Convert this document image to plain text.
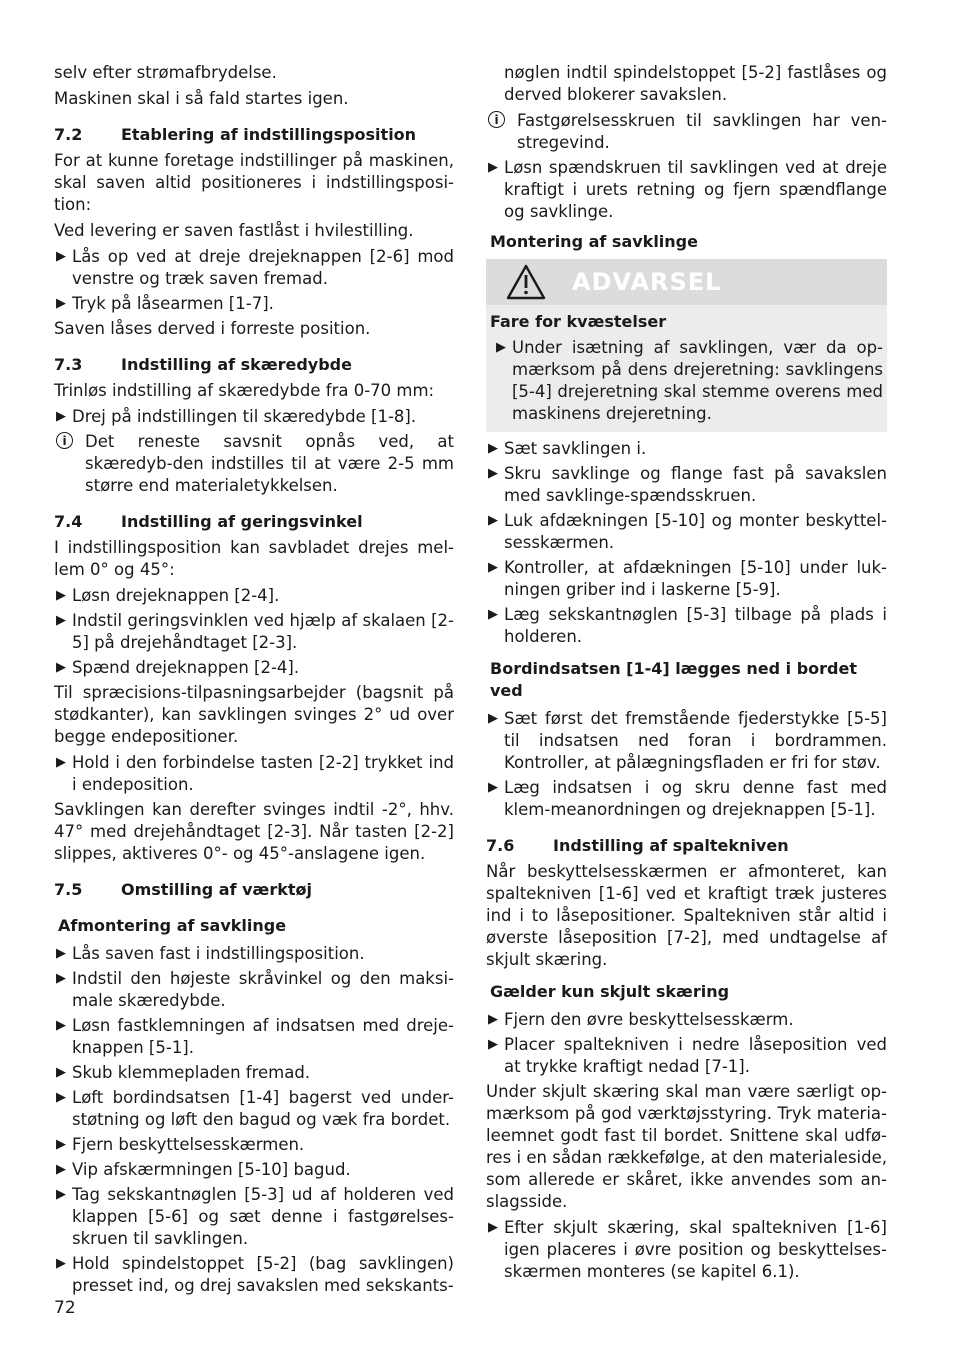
selv efter strømafbrydelse.

Maskinen skal i så fald startes igen.

7.2	Etablering af indstillingsposition

For at kunne foretage indstillinger på maskinen, skal saven altid positioneres i indstillingsposi-tion:

Ved levering er saven fastlåst i hvilestilling.

▶ Lås op ved at dreje drejeknappen [2-6] mod venstre og træk saven fremad.
▶ Tryk på låsearmen [1-7].

Saven låses derved i forreste position.

7.3	Indstilling af skæredybde

Trinløs indstilling af skæredybde fra 0-70 mm:

▶ Drej på indstillingen til skæredybde [1-8].
i	Det reneste savsnit opnås ved, at skæredyb-den indstilles til at være 2-5 mm større end materialetykkelsen.
7.4	Indstilling af geringsvinkel

I indstillingsposition kan savbladet drejes mel-lem 0° og 45°:

▶ Løsn drejeknappen [2-4].
▶ Indstil geringsvinklen ved hjælp af skalaen [2-5] på drejehåndtaget [2-3].
▶ Spænd drejeknappen [2-4].

Til spræcisions-tilpasningsarbejder (bagsnit på stødkanter), kan savklingen svinges 2° ud over begge endepositioner.

▶ Hold i den forbindelse tasten [2-2] trykket ind i endeposition.

Savklingen kan derefter svinges indtil -2°, hhv. 47° med drejehåndtaget [2-3]. Når tasten [2-2] slippes, aktiveres 0°- og 45°-anslagene igen.

7.5	Omstilling af værktøj
Afmontering af savklinge
▶ Lås saven fast i indstillingsposition.
▶ Indstil den højeste skråvinkel og den maksi-male skæredybde.
▶ Løsn fastklemningen af indsatsen med dreje-knappen [5-1].
▶ Skub klemmepladen fremad.
▶ Løft bordindsatsen [1-4] bagerst ved under-støtning og løft den bagud og væk fra bordet.
▶ Fjern beskyttelsesskærmen.
▶ Vip afskærmningen [5-10] bagud.
▶ Tag sekskantnøglen [5-3] ud af holderen ved klappen [5-6] og sæt denne i fastgørelses-skruen til savklingen.
▶ Hold spindelstoppet [5-2] (bag savklingen) presset ind, og drej savakslen med sekskants-

nøglen indtil spindelstoppet [5-2] fastlåses og derved blokerer savakslen.

i	Fastgørelsesskruen til savklingen har ven-stregevind.
▶ Løsn spændskruen til savklingen ved at dreje kraftigt i urets retning og fjern spændflange og savklinge.
Montering af savklinge
ADVARSEL
Fare for kvæstelser
▶ Under isætning af savklingen, vær da op-mærksom på dens drejeretning: savklingens [5-4] drejeretning skal stemme overens med maskinens drejeretning.
▶ Sæt savklingen i.
▶ Skru savklinge og flange fast på savakslen med savklinge-spændsskruen.
▶ Luk afdækningen [5-10] og monter beskyttel-sesskærmen.
▶ Kontroller, at afdækningen [5-10] under luk-ningen griber ind i laskerne [5-9].
▶ Læg sekskantnøglen [5-3] tilbage på plads i holderen.
Bordindsatsen [1-4] lægges ned i bordet ved
▶ Sæt først det fremstående fjederstykke [5-5] til indsatsen ned foran i bordrammen. Kontroller, at pålægningsfladen er fri for støv.
▶ Læg indsatsen i og skru denne fast med klem-meanordningen og drejeknappen [5-1].
7.6	Indstilling af spaltekniven

Når beskyttelsesskærmen er afmonteret, kan spaltekniven [1-6] ved et kraftigt træk justeres ind i to låsepositioner. Spaltekniven står altid i øverste låseposition [7-2], med undtagelse af skjult skæring.

Gælder kun skjult skæring
▶ Fjern den øvre beskyttelsesskærm.
▶ Placer spaltekniven i nedre låseposition ved at trykke kraftigt nedad [7-1].

Under skjult skæring skal man være særligt op-mærksom på god værktøjsstyring. Tryk materia-leemnet godt fast til bordet. Snittene skal udfø-res i en sådan rækkefølge, at den materialeside, som allerede er skåret, ikke anvendes som an-slagsside.

▶ Efter skjult skæring, skal spaltekniven [1-6] igen placeres i øvre position og beskyttelses-skærmen monteres (se kapitel 6.1).
72
